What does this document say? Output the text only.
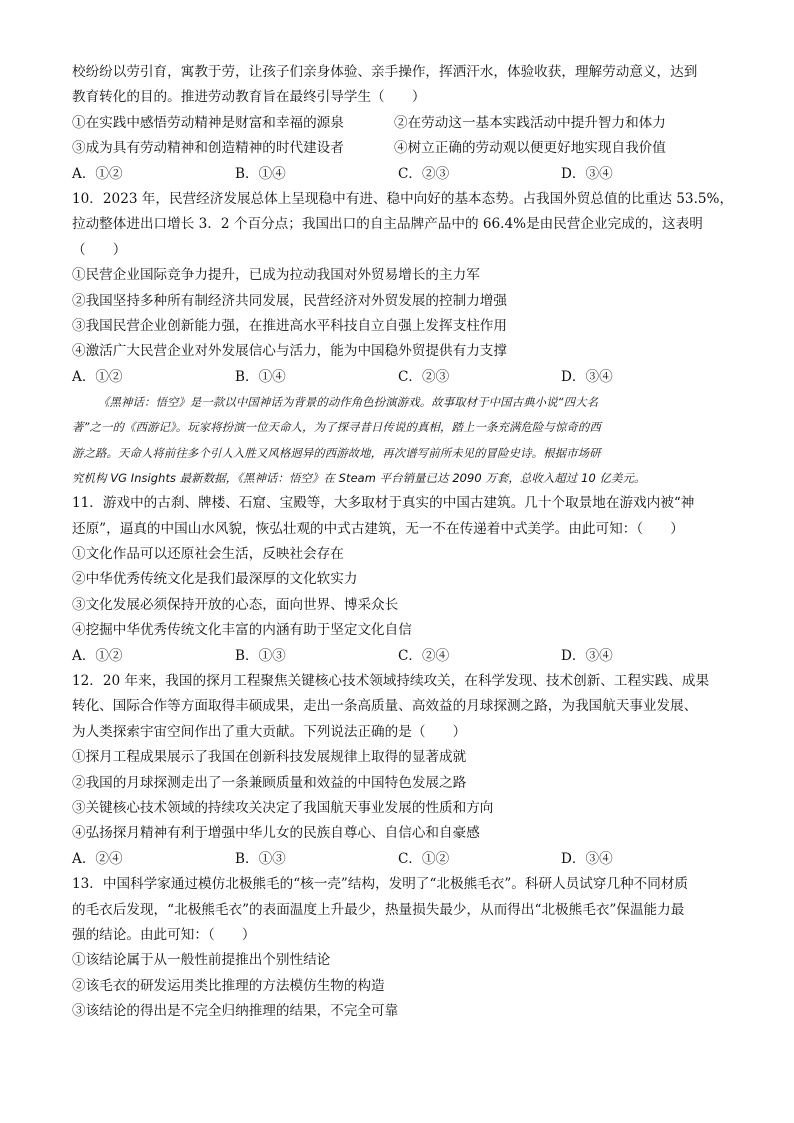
校纷纷以劳引育，寓教于劳，让孩子们亲身体验、亲手操作，挥洒汗水，体验收获，理解劳动意义，达到
教育转化的目的。推进劳动教育旨在最终引导学生（　　）
①在实践中感悟劳动精神是财富和幸福的源泉	②在劳动这一基本实践活动中提升智力和体力
③成为具有劳动精神和创造精神的时代建设者	④树立正确的劳动观以便更好地实现自我价值
A．①②	B．①④	C．②③	D．③④
10．2023 年，民营经济发展总体上呈现稳中有进、稳中向好的基本态势。占我国外贸总值的比重达 53.5%，
拉动整体进出口增长 3．2 个百分点；我国出口的自主品牌产品中的 66.4%是由民营企业完成的，这表明
（　　）
①民营企业国际竞争力提升，已成为拉动我国对外贸易增长的主力军
②我国坚持多种所有制经济共同发展，民营经济对外贸发展的控制力增强
③我国民营企业创新能力强，在推进高水平科技自立自强上发挥支柱作用
④激活广大民营企业对外发展信心与活力，能为中国稳外贸提供有力支撑
A．①②	B．①④	C．②③	D．③④
《黑神话：悟空》是一款以中国神话为背景的动作角色扮演游戏。故事取材于中国古典小说“四大名
著”之一的《西游记》。玩家将扮演一位天命人，为了探寻昔日传说的真相，踏上一条充满危险与惊奇的西
游之路。天命人将前往多个引人入胜又风格迥异的西游故地，再次谱写前所未见的冒险史诗。根据市场研
究机构 VG Insights 最新数据，《黑神话：悟空》在 Steam 平台销量已达 2090 万套，总收入超过 10 亿美元。
11．游戏中的古刹、牌楼、石窟、宝殿等，大多取材于真实的中国古建筑。几十个取景地在游戏内被“神
还原”，逼真的中国山水风貌，恢弘壮观的中式古建筑，无一不在传递着中式美学。由此可知：（　　）
①文化作品可以还原社会生活，反映社会存在
②中华优秀传统文化是我们最深厚的文化软实力
③文化发展必须保持开放的心态，面向世界、博采众长
④挖掘中华优秀传统文化丰富的内涵有助于坚定文化自信
A．①②	B．①③	C．②④	D．③④
12．20 年来，我国的探月工程聚焦关键核心技术领域持续攻关，在科学发现、技术创新、工程实践、成果
转化、国际合作等方面取得丰硕成果，走出一条高质量、高效益的月球探测之路，为我国航天事业发展、
为人类探索宇宙空间作出了重大贡献。下列说法正确的是（　　）
①探月工程成果展示了我国在创新科技发展规律上取得的显著成就
②我国的月球探测走出了一条兼顾质量和效益的中国特色发展之路
③关键核心技术领域的持续攻关决定了我国航天事业发展的性质和方向
④弘扬探月精神有利于增强中华儿女的民族自尊心、自信心和自豪感
A．②④	B．①③	C．①②	D．③④
13．中国科学家通过模仿北极熊毛的“核一壳”结构，发明了“北极熊毛衣”。科研人员试穿几种不同材质
的毛衣后发现，“北极熊毛衣”的表面温度上升最少，热量损失最少，从而得出“北极熊毛衣”保温能力最
强的结论。由此可知：（　　）
①该结论属于从一般性前提推出个别性结论
②该毛衣的研发运用类比推理的方法模仿生物的构造
③该结论的得出是不完全归纳推理的结果，不完全可靠
